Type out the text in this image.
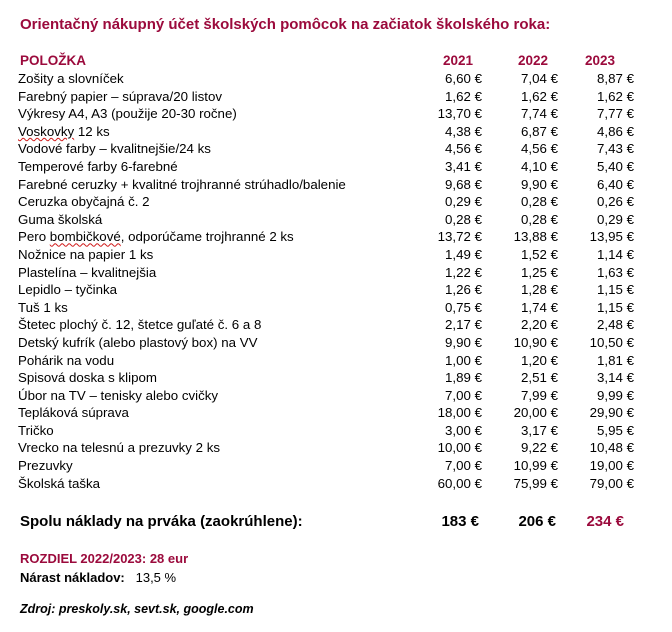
Orientačný nákupný účet školských pomôcok na začiatok školského roka:
POLOŽKA	2021	2022	2023
Zošity a slovníček	6,60 €		7,04 €		8,87 €
Farebný papier – súprava/20 listov	1,62 €		1,62 €		1,62 €
Výkresy A4, A3 (použije 20-30 ročne)	13,70 €		7,74 €		7,77 €
Voskovky 12 ks	4,38 €		6,87 €		4,86 €
Vodové farby – kvalitnejšie/24 ks	4,56 €		4,56 €		7,43 €
Temperové farby 6-farebné	3,41 €		4,10 €		5,40 €
Farebné ceruzky + kvalitné trojhranné strúhadlo/balenie	9,68 €		9,90 €		6,40 €
Ceruzka obyčajná č. 2	0,29 €		0,28 €		0,26 €
Guma školská	0,28 €		0,28 €		0,29 €
Pero bombičkové, odporúčame trojhranné 2 ks	13,72 €		13,88 €		13,95 €
Nožnice na papier 1 ks	1,49 €		1,52 €		1,14 €
Plastelína – kvalitnejšia	1,22 €		1,25 €		1,63 €
Lepidlo – tyčinka	1,26 €		1,28 €		1,15 €
Tuš 1 ks	0,75 €		1,74 €		1,15 €
Štetec plochý č. 12, štetce guľaté č. 6 a 8	2,17 €		2,20 €		2,48 €
Detský kufrík (alebo plastový box) na VV	9,90 €		10,90 €		10,50 €
Pohárik na vodu	1,00 €		1,20 €		1,81 €
Spisová doska s klipom	1,89 €		2,51 €		3,14 €
Úbor na TV – tenisky alebo cvičky	7,00 €		7,99 €		9,99 €
Tepláková súprava	18,00 €		20,00 €		29,90 €
Tričko	3,00 €		3,17 €		5,95 €
Vrecko na telesnú a prezuvky 2 ks	10,00 €		9,22 €		10,48 €
Prezuvky	7,00 €		10,99 €		19,00 €
Školská taška	60,00 €		75,99 €		79,00 €
Spolu náklady na prváka (zaokrúhlene):	183 €	206 €	234 €
ROZDIEL 2022/2023: 28 eur
Nárast nákladov: 13,5 %
Zdroj: preskoly.sk, sevt.sk, google.com
